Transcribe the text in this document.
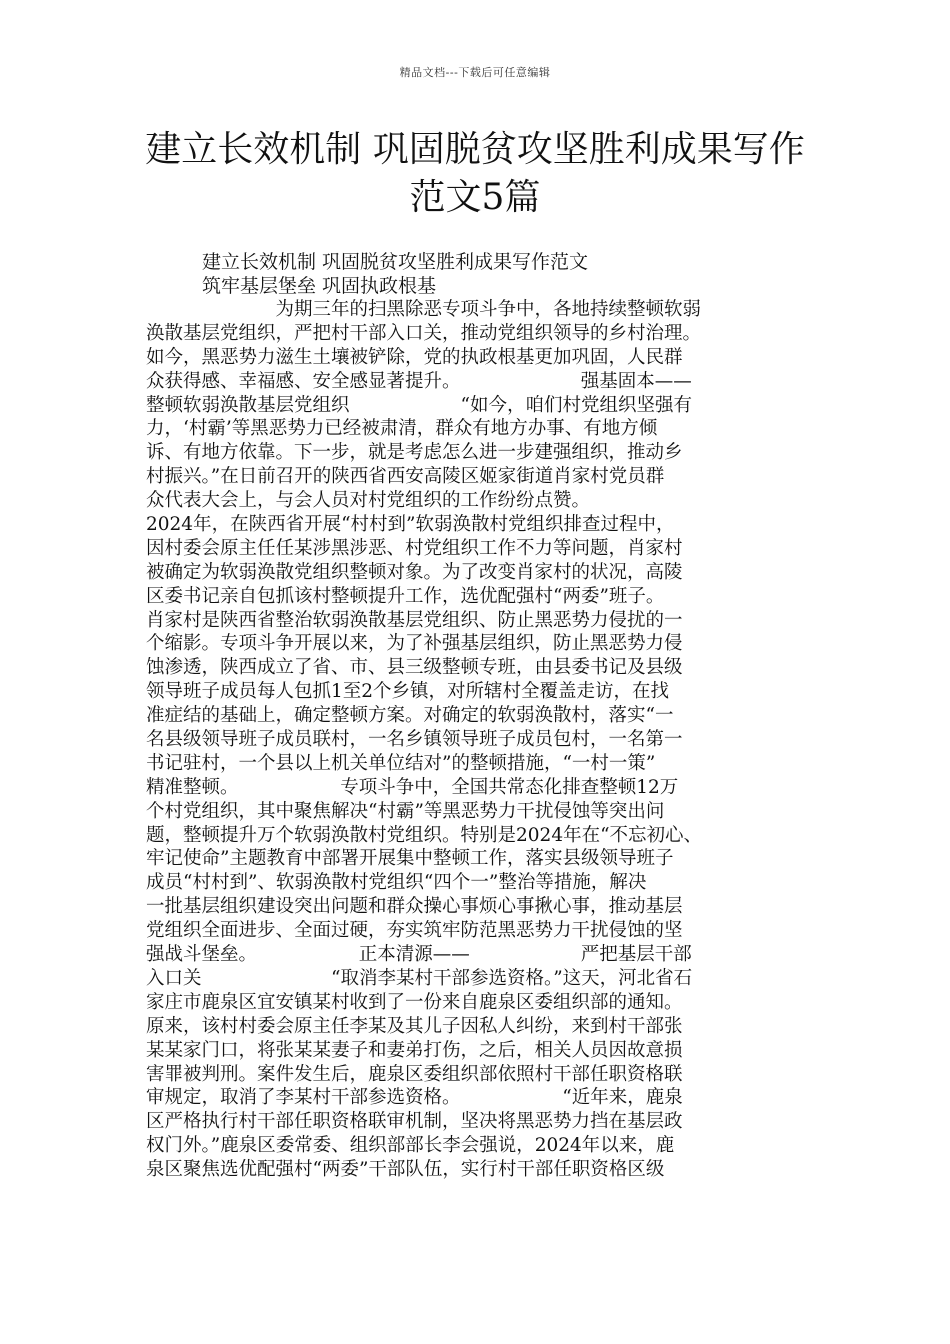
精品文档---下载后可任意编辑
建立长效机制 巩固脱贫攻坚胜利成果写作
范文5篇
建立长效机制 巩固脱贫攻坚胜利成果写作范文
筑牢基层堡垒 巩固执政根基
　　　　　　　为期三年的扫黑除恶专项斗争中，各地持续整顿软弱
涣散基层党组织，严把村干部入口关，推动党组织领导的乡村治理。
如今，黑恶势力滋生土壤被铲除，党的执政根基更加巩固，人民群
众获得感、幸福感、安全感显著提升。　　　　　　　强基固本——
整顿软弱涣散基层党组织　　　　　　“如今，咱们村党组织坚强有
力，‘村霸’等黑恶势力已经被肃清，群众有地方办事、有地方倾
诉、有地方依靠。下一步，就是考虑怎么进一步建强组织，推动乡
村振兴。”在日前召开的陕西省西安高陵区姬家街道肖家村党员群
众代表大会上，与会人员对村党组织的工作纷纷点赞。
2024年，在陕西省开展“村村到”软弱涣散村党组织排查过程中，
因村委会原主任任某涉黑涉恶、村党组织工作不力等问题，肖家村
被确定为软弱涣散党组织整顿对象。为了改变肖家村的状况，高陵
区委书记亲自包抓该村整顿提升工作，选优配强村“两委”班子。
肖家村是陕西省整治软弱涣散基层党组织、防止黑恶势力侵扰的一
个缩影。专项斗争开展以来，为了补强基层组织，防止黑恶势力侵
蚀渗透，陕西成立了省、市、县三级整顿专班，由县委书记及县级
领导班子成员每人包抓1至2个乡镇，对所辖村全覆盖走访，在找
准症结的基础上，确定整顿方案。对确定的软弱涣散村，落实“一
名县级领导班子成员联村，一名乡镇领导班子成员包村，一名第一
书记驻村，一个县以上机关单位结对”的整顿措施，“一村一策”
精准整顿。　　　　　　专项斗争中，全国共常态化排查整顿12万
个村党组织，其中聚焦解决“村霸”等黑恶势力干扰侵蚀等突出问
题，整顿提升万个软弱涣散村党组织。特别是2024年在“不忘初心、
牢记使命”主题教育中部署开展集中整顿工作，落实县级领导班子
成员“村村到”、软弱涣散村党组织“四个一”整治等措施，解决
一批基层组织建设突出问题和群众操心事烦心事揪心事，推动基层
党组织全面进步、全面过硬，夯实筑牢防范黑恶势力干扰侵蚀的坚
强战斗堡垒。　　　　　　正本清源——　　　　　　严把基层干部
入口关　　　　　　　“取消李某村干部参选资格。”这天，河北省石
家庄市鹿泉区宜安镇某村收到了一份来自鹿泉区委组织部的通知。
原来，该村村委会原主任李某及其儿子因私人纠纷，来到村干部张
某某家门口，将张某某妻子和妻弟打伤，之后，相关人员因故意损
害罪被判刑。案件发生后，鹿泉区委组织部依照村干部任职资格联
审规定，取消了李某村干部参选资格。　　　　　　“近年来，鹿泉
区严格执行村干部任职资格联审机制，坚决将黑恶势力挡在基层政
权门外。”鹿泉区委常委、组织部部长李会强说，2024年以来，鹿
泉区聚焦选优配强村“两委”干部队伍，实行村干部任职资格区级
